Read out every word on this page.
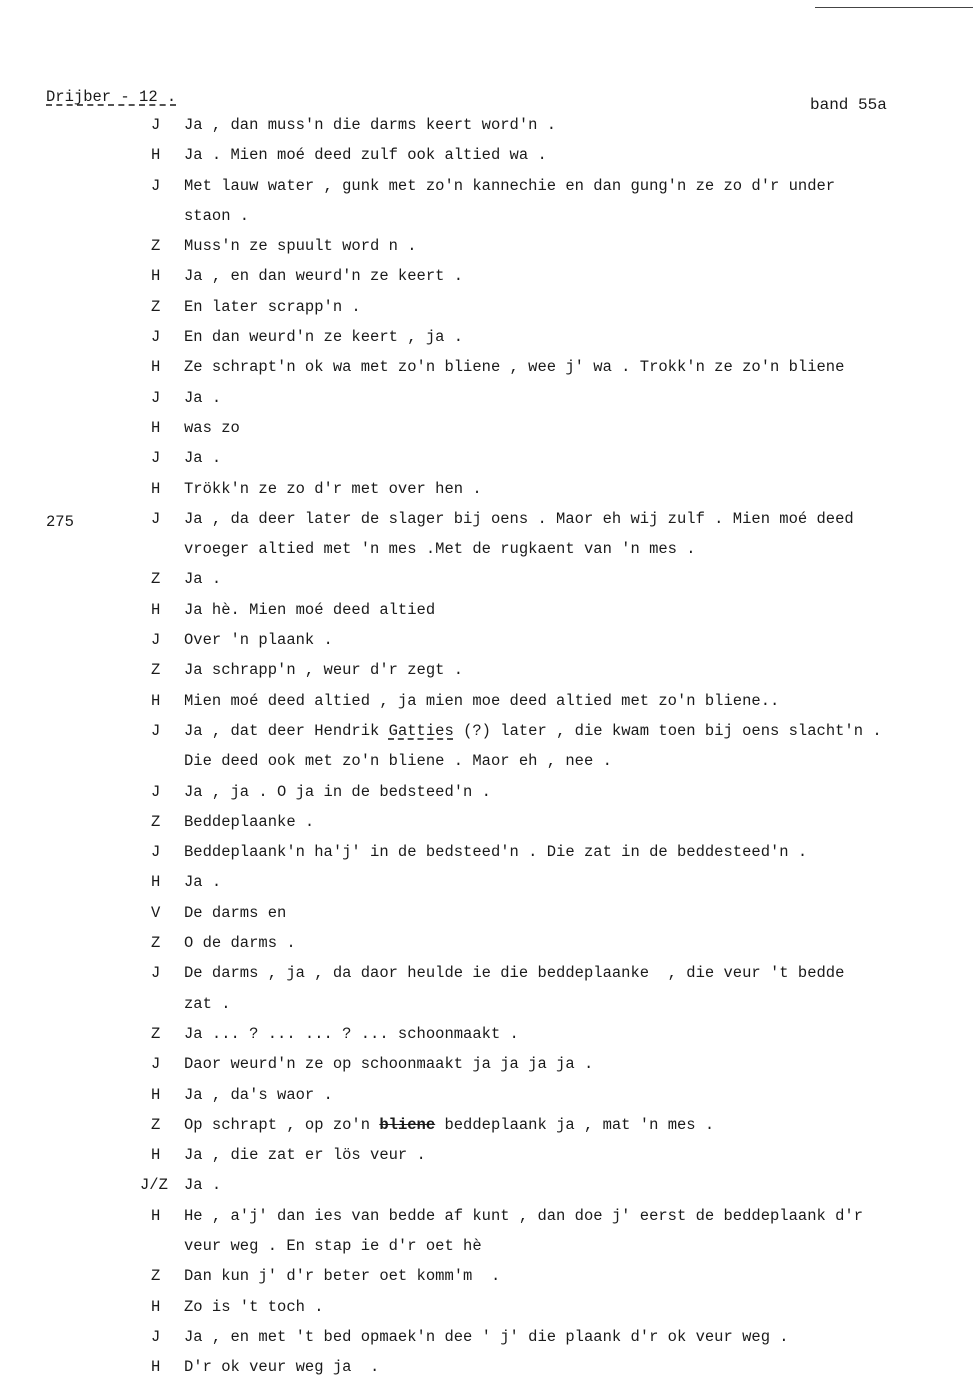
Drijber - 12 .	band 55a
275
J	Ja , dan muss'n die darms keert word'n .
H	Ja . Mien moé deed zulf ook altied wa .
J	Met lauw water , gunk met zo'n kannechie en dan gung'n ze zo d'r under
staon .
Z	Muss'n ze spuult word n .
H	Ja , en dan weurd'n ze keert .
Z	En later scrapp'n .
J	En dan weurd'n ze keert , ja .
H	Ze schrapt'n ok wa met zo'n bliene , wee j' wa . Trokk'n ze zo'n bliene
J	Ja .
H	was zo
J	Ja .
H	Trökk'n ze zo d'r met over hen .
J	Ja , da deer later de slager bij oens . Maor eh wij zulf . Mien moé deed
vroeger altied met 'n mes .Met de rugkaent van 'n mes .
Z	Ja .
H	Ja hè. Mien moé deed altied
J	Over 'n plaank .
Z	Ja schrapp'n , weur d'r zegt .
H	Mien moé deed altied , ja mien moe deed altied met zo'n bliene..
J	Ja , dat deer Hendrik Gatties (?) later , die kwam toen bij oens slacht'n .
Die deed ook met zo'n bliene . Maor eh , nee .
J	Ja , ja . O ja in de bedsteed'n .
Z	Beddeplaanke .
J	Beddeplaank'n ha'j' in de bedsteed'n . Die zat in de beddesteed'n .
H	Ja .
V	De darms en
Z	O de darms .
J	De darms , ja , da daor heulde ie die beddeplaanke  , die veur 't bedde
zat .
Z	Ja ... ? ... ... ? ... schoonmaakt .
J	Daor weurd'n ze op schoonmaakt ja ja ja ja .
H	Ja , da's waor .
Z	Op schrapt , op zo'n bliene beddeplaank ja , mat 'n mes .
H	Ja , die zat er lös veur .
J/Z Ja .
H	He , a'j' dan ies van bedde af kunt , dan doe j' eerst de beddeplaank d'r
veur weg . En stap ie d'r oet hè
Z	Dan kun j' d'r beter oet komm'm  .
H	Zo is 't toch .
J	Ja , en met 't bed opmaek'n dee ' j' die plaank d'r ok veur weg .
H	D'r ok veur weg ja  .
